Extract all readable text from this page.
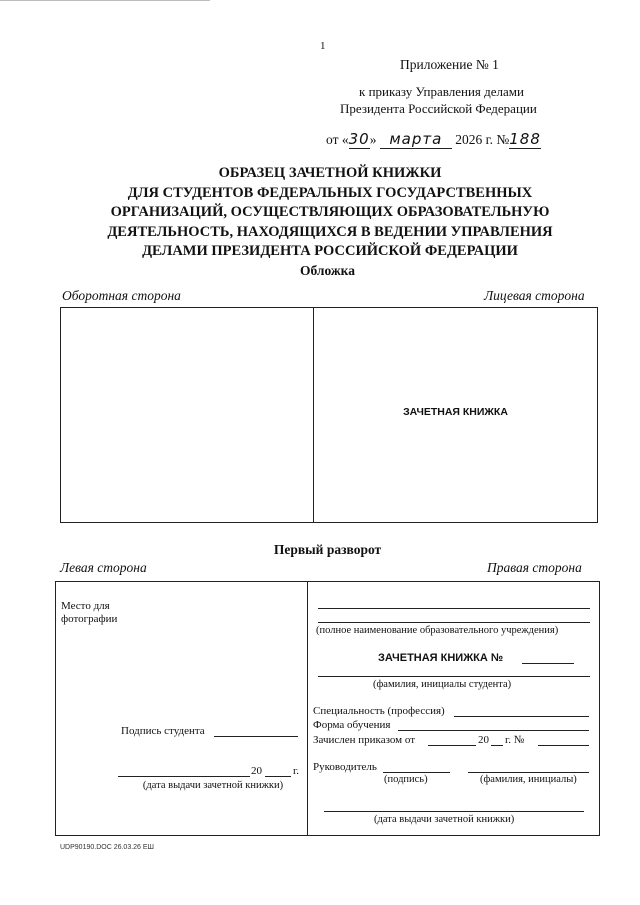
1
Приложение № 1
к приказу Управления делами
Президента Российской Федерации
от «30» марта 2026 г. №188
ОБРАЗЕЦ ЗАЧЕТНОЙ КНИЖКИ
ДЛЯ СТУДЕНТОВ ФЕДЕРАЛЬНЫХ ГОСУДАРСТВЕННЫХ
ОРГАНИЗАЦИЙ, ОСУЩЕСТВЛЯЮЩИХ ОБРАЗОВАТЕЛЬНУЮ
ДЕЯТЕЛЬНОСТЬ, НАХОДЯЩИХСЯ В ВЕДЕНИИ УПРАВЛЕНИЯ
ДЕЛАМИ ПРЕЗИДЕНТА РОССИЙСКОЙ ФЕДЕРАЦИИ
Обложка
Оборотная сторона	Лицевая сторона
ЗАЧЕТНАЯ КНИЖКА
Первый разворот
Левая сторона	Правая сторона
Место для
фотографии
Подпись студента
20	г.
(дата выдачи зачетной книжки)
(полное наименование образовательного учреждения)
ЗАЧЕТНАЯ КНИЖКА №
(фамилия, инициалы студента)
Специальность (профессия)
Форма обучения
Зачислен приказом от	20 г. №
Руководитель
(подпись)	(фамилия, инициалы)
(дата выдачи зачетной книжки)
UDP90190.DOC 26.03.26 ЕШ
